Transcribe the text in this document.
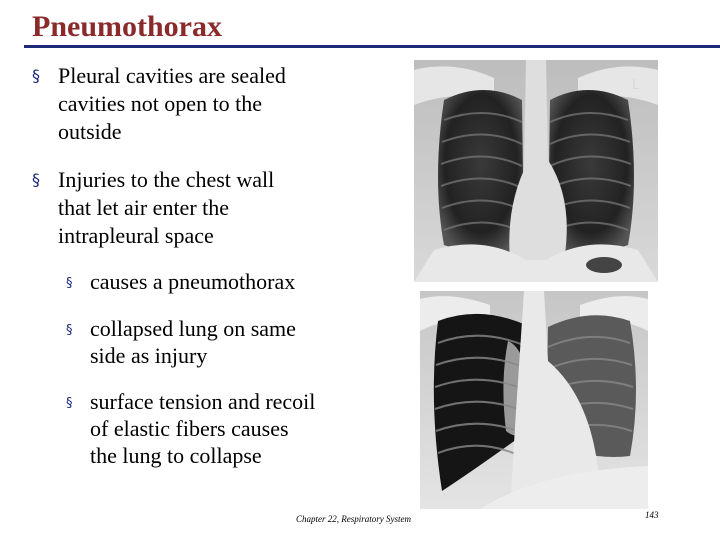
Pneumothorax
§ Pleural cavities are sealed
cavities not open to the
outside
§ Injuries to the chest wall
that let air enter the
intrapleural space
§ causes a pneumothorax
§ collapsed lung on same
side as injury
§ surface tension and recoil
of elastic fibers causes
the lung to collapse
L
Chapter 22, Respiratory System	143
